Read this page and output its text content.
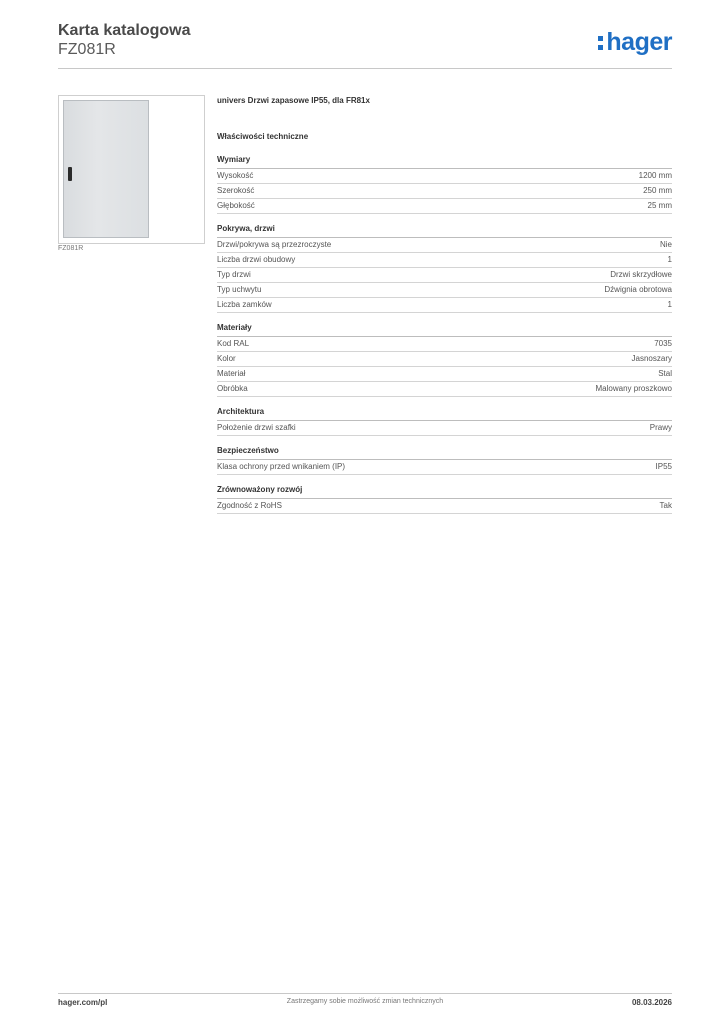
Karta katalogowa
FZ081R	hager
FZ081R
univers Drzwi zapasowe IP55, dla FR81x
Właściwości techniczne
Wymiary
Wysokość	1200 mm
Szerokość	250 mm
Głębokość	25 mm
Pokrywa, drzwi
Drzwi/pokrywa są przezroczyste	Nie
Liczba drzwi obudowy	1
Typ drzwi	Drzwi skrzydłowe
Typ uchwytu	Dźwignia obrotowa
Liczba zamków	1
Materiały
Kod RAL	7035
Kolor	Jasnoszary
Materiał	Stal
Obróbka	Malowany proszkowo
Architektura
Położenie drzwi szafki	Prawy
Bezpieczeństwo
Klasa ochrony przed wnikaniem (IP)	IP55
Zrównoważony rozwój
Zgodność z RoHS	Tak
Zastrzegamy sobie możliwość zmian technicznych
hager.com/pl	08.03.2026
